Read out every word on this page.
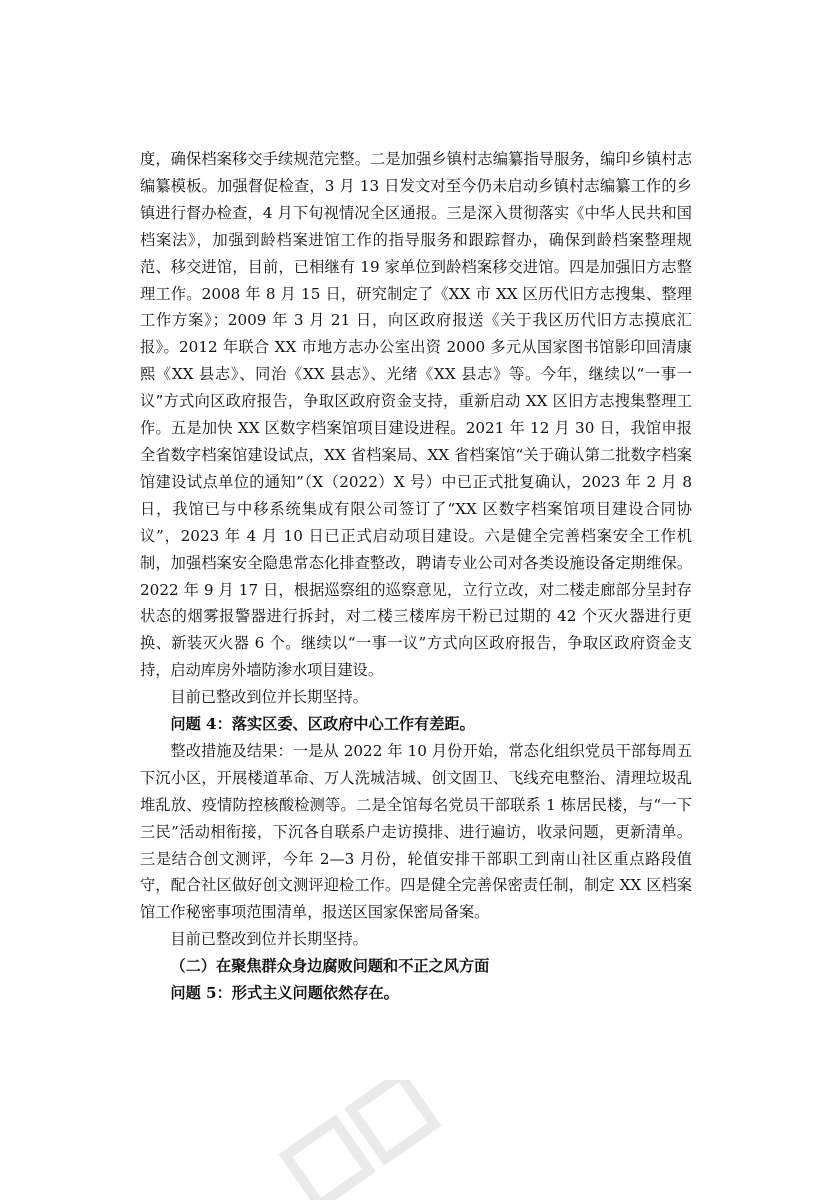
度，确保档案移交手续规范完整。二是加强乡镇村志编纂指导服务，编印乡镇村志编纂模板。加强督促检查，3 月 13 日发文对至今仍未启动乡镇村志编纂工作的乡镇进行督办检查，4 月下旬视情况全区通报。三是深入贯彻落实《中华人民共和国档案法》，加强到龄档案进馆工作的指导服务和跟踪督办，确保到龄档案整理规范、移交进馆，目前，已相继有 19 家单位到龄档案移交进馆。四是加强旧方志整理工作。2008 年 8 月 15 日，研究制定了《XX 市 XX 区历代旧方志搜集、整理工作方案》；2009 年 3 月 21 日，向区政府报送《关于我区历代旧方志摸底汇报》。2012 年联合 XX 市地方志办公室出资 2000 多元从国家图书馆影印回清康熙《XX 县志》、同治《XX 县志》、光绪《XX 县志》等。今年，继续以“一事一议”方式向区政府报告，争取区政府资金支持，重新启动 XX 区旧方志搜集整理工作。五是加快 XX 区数字档案馆项目建设进程。2021 年 12 月 30 日，我馆申报全省数字档案馆建设试点，XX 省档案局、XX 省档案馆“关于确认第二批数字档案馆建设试点单位的通知”（X（2022）X 号）中已正式批复确认，2023 年 2 月 8 日，我馆已与中移系统集成有限公司签订了“XX 区数字档案馆项目建设合同协议”，2023 年 4 月 10 日已正式启动项目建设。六是健全完善档案安全工作机制，加强档案安全隐患常态化排查整改，聘请专业公司对各类设施设备定期维保。2022 年 9 月 17 日，根据巡察组的巡察意见，立行立改，对二楼走廊部分呈封存状态的烟雾报警器进行拆封，对二楼三楼库房干粉已过期的 42 个灭火器进行更换、新装灭火器 6 个。继续以“一事一议”方式向区政府报告，争取区政府资金支持，启动库房外墙防渗水项目建设。

目前已整改到位并长期坚持。

问题 4：落实区委、区政府中心工作有差距。

整改措施及结果：一是从 2022 年 10 月份开始，常态化组织党员干部每周五下沉小区，开展楼道革命、万人洗城洁城、创文固卫、飞线充电整治、清理垃圾乱堆乱放、疫情防控核酸检测等。二是全馆每名党员干部联系 1 栋居民楼，与“一下三民”活动相衔接，下沉各自联系户走访摸排、进行遍访，收录问题，更新清单。三是结合创文测评，今年 2—3 月份，轮值安排干部职工到南山社区重点路段值守，配合社区做好创文测评迎检工作。四是健全完善保密责任制，制定 XX 区档案馆工作秘密事项范围清单，报送区国家保密局备案。

目前已整改到位并长期坚持。

（二）在聚焦群众身边腐败问题和不正之风方面

问题 5：形式主义问题依然存在。
